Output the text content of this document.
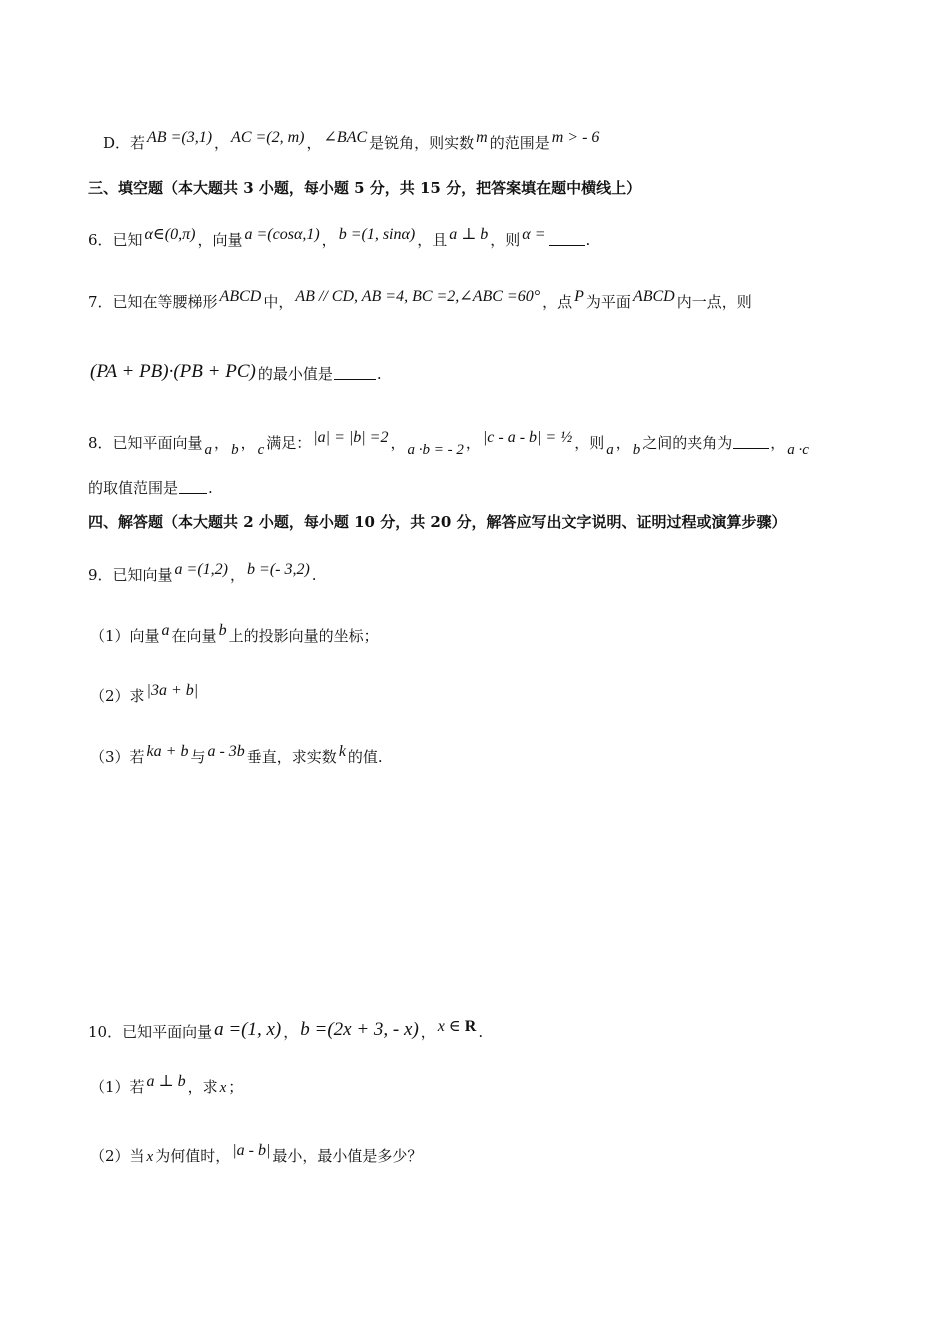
D．若 AB =(3,1) ， AC =(2, m) ， ∠BAC 是锐角，则实数 m 的范围是 m > - 6
三、填空题（本大题共 3 小题，每小题 5 分，共 15 分，把答案填在题中横线上）
6．已知 α∈(0,π) ，向量 a =(cosα,1) ， b =(1, sinα) ，且 a ⊥ b ，则 α =	.
7．已知在等腰梯形 ABCD 中， AB // CD, AB =4, BC =2,∠ABC =60° ，点 P 为平面 ABCD 内一点，则
(PA + PB)·(PB + PC) 的最小值是	.
8．已知平面向量 a ， b ， c 满足： |a| = |b| =2 ， a ·b = - 2 ， |c - a - b| = ½ ，则 a ， b 之间的夹角为	， a ·c
的取值范围是 .
四、解答题（本大题共 2 小题，每小题 10 分，共 20 分，解答应写出文字说明、证明过程或演算步骤）
9．已知向量 a =(1,2) ， b =(- 3,2) .
（1）向量 a 在向量 b 上的投影向量的坐标；
（2）求 |3a + b|
（3）若 ka + b 与 a - 3b 垂直，求实数 k 的值.
10．已知平面向量 a =(1, x) ， b =(2x + 3, - x) ， x ∈ R .
（1）若 a ⊥ b ，求 x ；
（2）当 x 为何值时， |a - b| 最小，最小值是多少？
